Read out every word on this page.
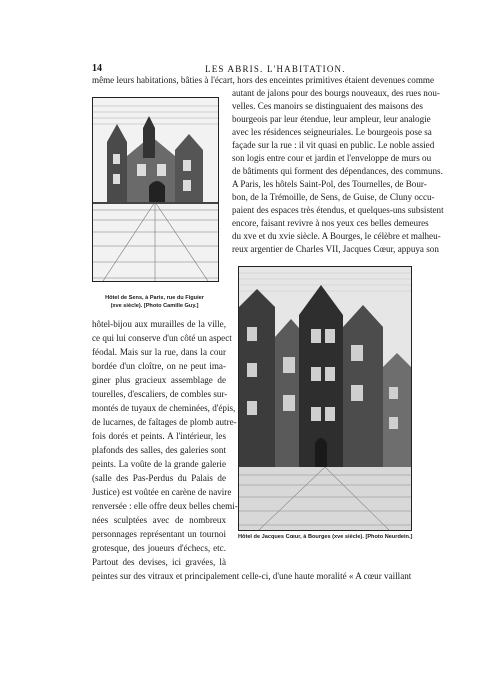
14	LES ABRIS. L'HABITATION.
même leurs habitations, bâties à l'écart, hors des enceintes primitives étaient devenues comme
autant de jalons pour des bourgs nouveaux, des rues nou-
velles. Ces manoirs se distinguaient des maisons des
bourgeois par leur étendue, leur ampleur, leur analogie
avec les résidences seigneuriales. Le bourgeois pose sa
façade sur la rue : il vit quasi en public. Le noble assied
son logis entre cour et jardin et l'enveloppe de murs ou
de bâtiments qui forment des dépendances, des communs.
A Paris, les hôtels Saint-Pol, des Tournelles, de Bour-
bon, de la Trémoille, de Sens, de Guise, de Cluny occu-
paient des espaces très étendus, et quelques-uns subsistent
encore, faisant revivre à nos yeux ces belles demeures
du xve et du xvie siècle. A Bourges, le célèbre et malheu-
reux argentier de Charles VII, Jacques Cœur, appuya son
Hôtel de Sens, à Paris, rue du Figuier
(xve siècle). [Photo Camille Guy.]
hôtel-bijou aux murailles de la ville,
ce qui lui conserve d'un côté un aspect
féodal. Mais sur la rue, dans la cour
bordée d'un cloître, on ne peut ima-
giner plus gracieux assemblage de
tourelles, d'escaliers, de combles sur-
montés de tuyaux de cheminées, d'épis,
de lucarnes, de faîtages de plomb autre-
fois dorés et peints. A l'intérieur, les
plafonds des salles, des galeries sont
peints. La voûte de la grande galerie
(salle des Pas-Perdus du Palais de
Justice) est voûtée en carène de navire
renversée : elle offre deux belles chemi-
nées sculptées avec de nombreux
personnages représentant un tournoi
grotesque, des joueurs d'échecs, etc.
Partout des devises, ici gravées, là
Hôtel de Jacques Cœur, à Bourges (xve siècle). [Photo Neurdein.]
peintes sur des vitraux et principalement celle-ci, d'une haute moralité « A cœur vaillant
